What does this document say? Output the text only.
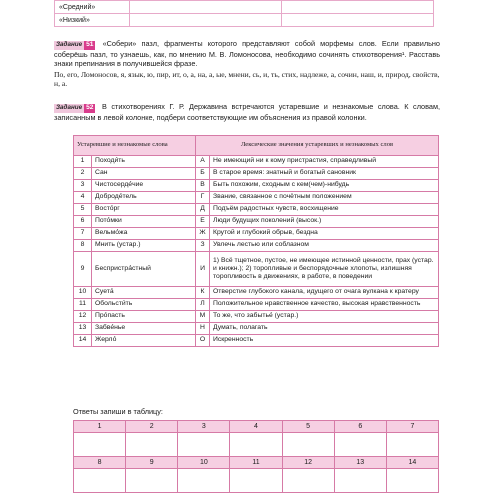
«Средний»		
«Низкий»		
Задание 51 «Собери» пазл, фрагменты которого представляют собой морфемы слов. Если правильно соберёшь пазл, то узнаешь, как, по мнению М. В. Ломоносова, необходимо сочинять стихотворения¹. Расставь знаки препинания в получившейся фразе.
По, его, Ломоносов, я, язык, ю, пир, ит, о, а, на, а, ые, мнени, сь, и, ть, стих, надлеже, а, сочин, наш, и, природ, свойств, н, а.
Задание 52 В стихотворениях Г. Р. Державина встречаются устаревшие и незнакомые слова. К словам, записанным в левой колонке, подбери соответствующие им объяснения из правой колонки.
Устаревшие и незнакомые слова		Лексические значения устаревших и незнакомых слов	
1	Походи́ть	А	Не имеющий ни к кому пристрастия, справедливый
2	Сан	Б	В старое время: знатный и богатый сановник
3	Чистосерде́чие	В	Быть похожим, сходным с кем(чем)-нибудь
4	Доброде́тель	Г	Звание, связанное с почётным положением
5	Восто́рг	Д	Подъём радостных чувств, восхищение
6	Пото́мки	Е	Люди будущих поколений (высок.)
7	Вельмо́жа	Ж	Крутой и глубокий обрыв, бездна
8	Мнить (устар.)	З	Увлечь лестью или соблазном
9	Беспристра́стный	И	1) Всё тщетное, пустое, не имеющее истинной ценности, прах (устар. и книжн.); 2) торопливые и беспорядочные хлопоты, излишняя торопливость в движениях, в работе, в поведении
10	Суета́	К	Отверстие глубокого канала, идущего от очага вулкана к кратеру
11	Обольсти́ть	Л	Положительное нравственное качество, высокая нравственность
12	Про́пасть	М	То же, что забытье́ (устар.)
13	Забве́нье	Н	Думать, полагать
14	Жерло́	О	Искренность
Ответы запиши в таблицу:
1	2	3	4	5	6	7

8	9	10	11	12	13	14
